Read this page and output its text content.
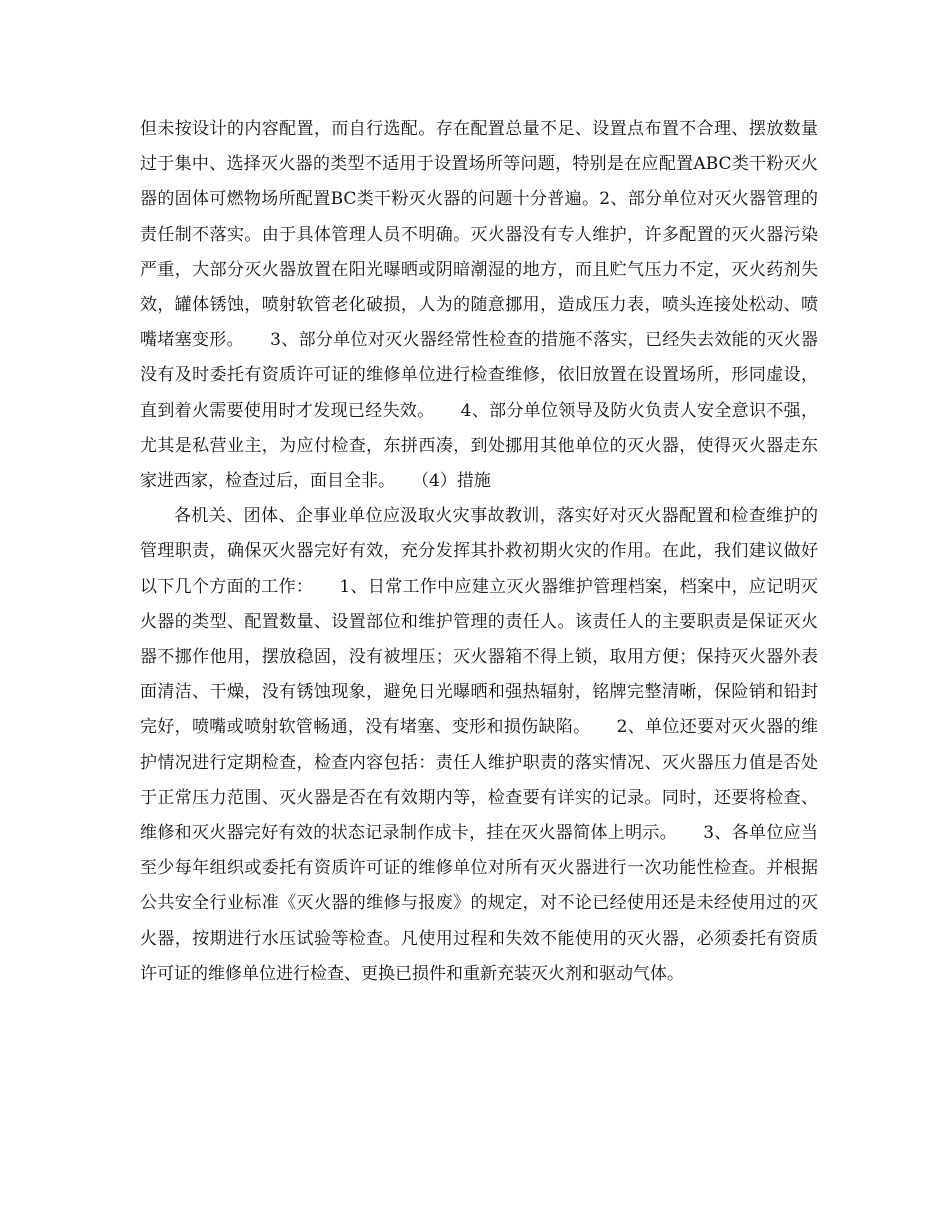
但未按设计的内容配置，而自行选配。存在配置总量不足、设置点布置不合理、摆放数量过于集中、选择灭火器的类型不适用于设置场所等问题，特别是在应配置ABC类干粉灭火器的固体可燃物场所配置BC类干粉灭火器的问题十分普遍。2、部分单位对灭火器管理的责任制不落实。由于具体管理人员不明确。灭火器没有专人维护，许多配置的灭火器污染严重，大部分灭火器放置在阳光曝晒或阴暗潮湿的地方，而且贮气压力不定，灭火药剂失效，罐体锈蚀，喷射软管老化破损，人为的随意挪用，造成压力表，喷头连接处松动、喷嘴堵塞变形。　　3、部分单位对灭火器经常性检查的措施不落实，已经失去效能的灭火器没有及时委托有资质许可证的维修单位进行检查维修，依旧放置在设置场所，形同虚设，直到着火需要使用时才发现已经失效。　　4、部分单位领导及防火负责人安全意识不强，尤其是私营业主，为应付检查，东拼西凑，到处挪用其他单位的灭火器，使得灭火器走东家进西家，检查过后，面目全非。　　（4）措施

各机关、团体、企事业单位应汲取火灾事故教训，落实好对灭火器配置和检查维护的管理职责，确保灭火器完好有效，充分发挥其扑救初期火灾的作用。在此，我们建议做好以下几个方面的工作：　　1、日常工作中应建立灭火器维护管理档案，档案中，应记明灭火器的类型、配置数量、设置部位和维护管理的责任人。该责任人的主要职责是保证灭火器不挪作他用，摆放稳固，没有被埋压；灭火器箱不得上锁，取用方便；保持灭火器外表面清洁、干燥，没有锈蚀现象，避免日光曝晒和强热辐射，铭牌完整清晰，保险销和铅封完好，喷嘴或喷射软管畅通，没有堵塞、变形和损伤缺陷。　　2、单位还要对灭火器的维护情况进行定期检查，检查内容包括：责任人维护职责的落实情况、灭火器压力值是否处于正常压力范围、灭火器是否在有效期内等，检查要有详实的记录。同时，还要将检查、维修和灭火器完好有效的状态记录制作成卡，挂在灭火器简体上明示。　　3、各单位应当至少每年组织或委托有资质许可证的维修单位对所有灭火器进行一次功能性检查。并根据公共安全行业标准《灭火器的维修与报废》的规定，对不论已经使用还是未经使用过的灭火器，按期进行水压试验等检查。凡使用过程和失效不能使用的灭火器，必须委托有资质许可证的维修单位进行检查、更换已损件和重新充装灭火剂和驱动气体。
